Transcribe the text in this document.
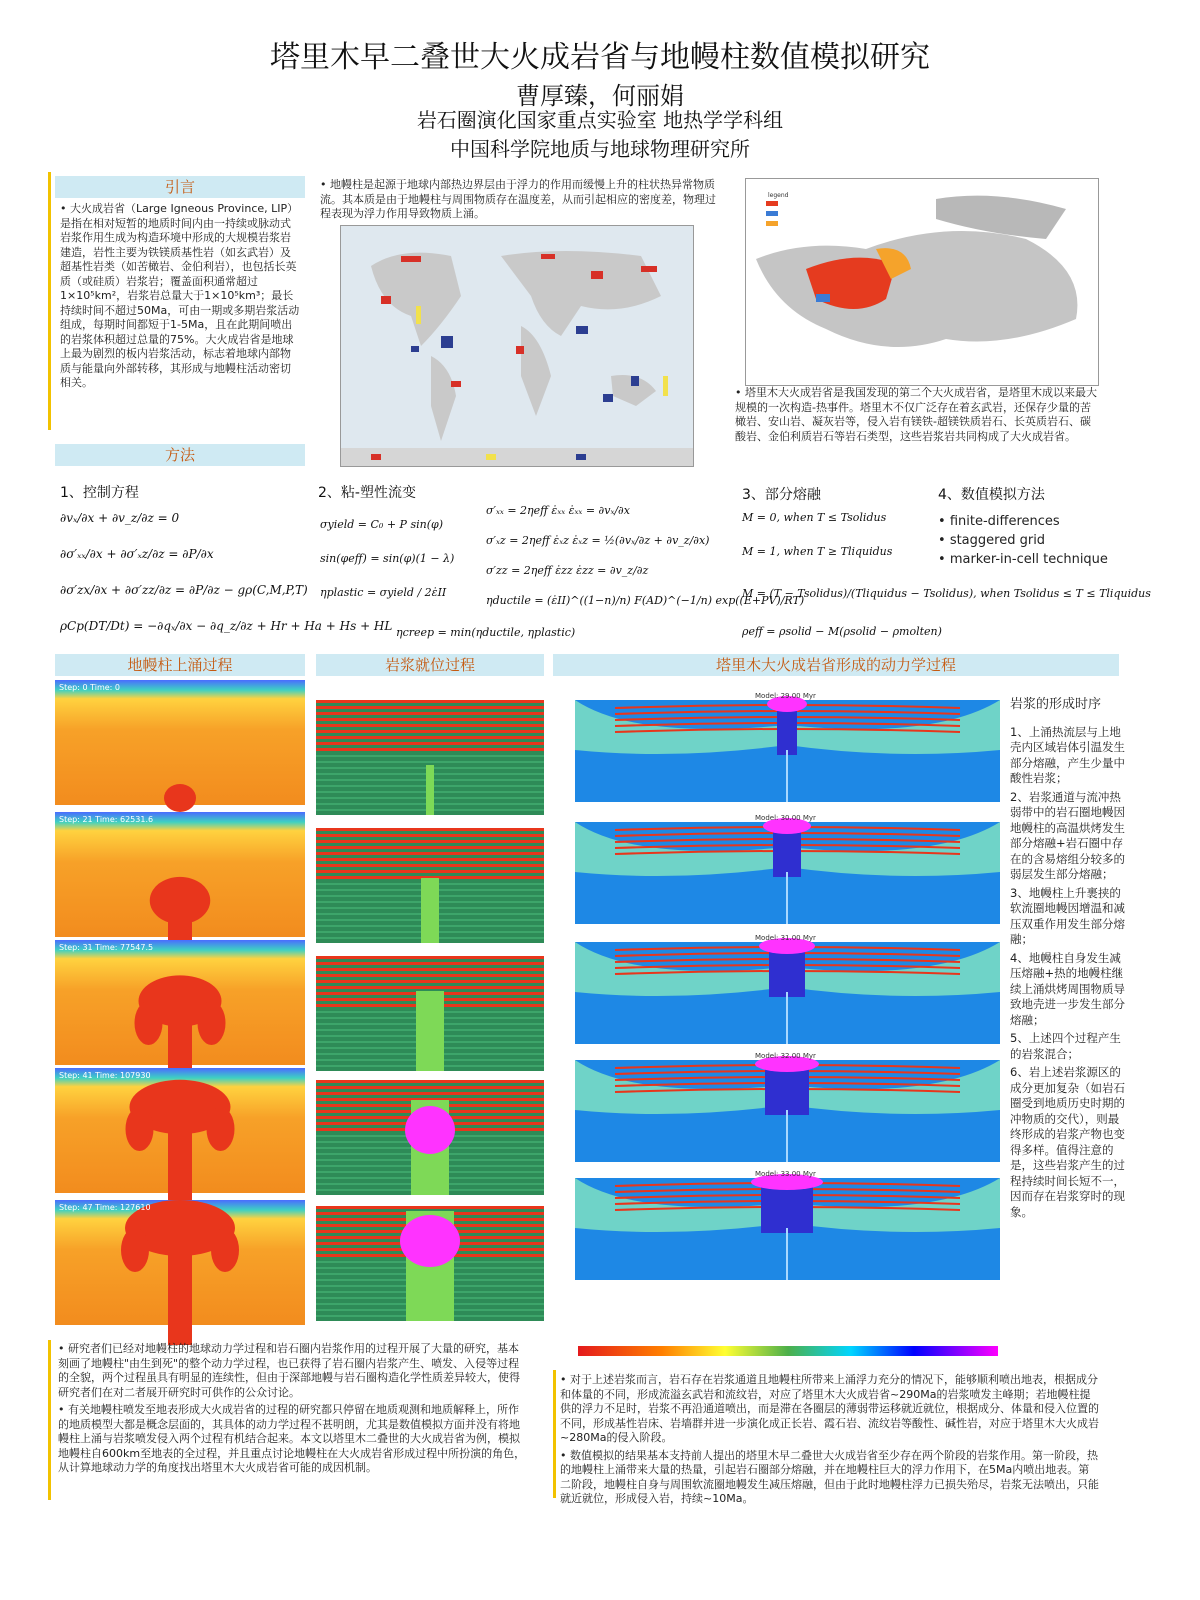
塔里木早二叠世大火成岩省与地幔柱数值模拟研究
曹厚臻，何丽娟
岩石圈演化国家重点实验室 地热学学科组
中国科学院地质与地球物理研究所
引言

• 大火成岩省（Large Igneous Province, LIP）是指在相对短暂的地质时间内由一持续或脉动式岩浆作用生成为构造环境中形成的大规模岩浆岩建造，岩性主要为铁镁质基性岩（如玄武岩）及超基性岩类（如苦橄岩、金伯利岩），也包括长英质（或硅质）岩浆岩；覆盖面积通常超过1×10⁵km²，岩浆岩总量大于1×10⁵km³；最长持续时间不超过50Ma，可由一期或多期岩浆活动组成，每期时间都短于1-5Ma，且在此期间喷出的岩浆体积超过总量的75%。大火成岩省是地球上最为剧烈的板内岩浆活动，标志着地球内部物质与能量向外部转移，其形成与地幔柱活动密切相关。

• 地幔柱是起源于地球内部热边界层由于浮力的作用而缓慢上升的柱状热异常物质流。其本质是由于地幔柱与周围物质存在温度差，从而引起相应的密度差，物理过程表现为浮力作用导致物质上涌。

legend

• 塔里木大火成岩省是我国发现的第二个大火成岩省，是塔里木成以来最大规模的一次构造-热事件。塔里木不仅广泛存在着玄武岩，还保存少量的苦橄岩、安山岩、凝灰岩等，侵入岩有镁铁-超镁铁质岩石、长英质岩石、碳酸岩、金伯利质岩石等岩石类型，这些岩浆岩共同构成了大火成岩省。

方法
1、控制方程	2、粘-塑性流变	3、部分熔融	4、数值模拟方法
• finite-differences
• staggered grid
• marker-in-cell technique
∂vₓ/∂x + ∂v_z/∂z = 0
∂σ′ₓₓ/∂x + ∂σ′ₓz/∂z = ∂P/∂x
∂σ′zx/∂x + ∂σ′zz/∂z = ∂P/∂z − gρ(C,M,P,T)
ρCp(DT/Dt) = −∂qₓ/∂x − ∂q_z/∂z + Hr + Ha + Hs + HL
σyield = C₀ + P sin(φ)
sin(φeff) = sin(φ)(1 − λ)
ηplastic = σyield / 2ε̇II
σ′ₓₓ = 2ηeff ε̇ₓₓ ε̇ₓₓ = ∂vₓ/∂x
σ′ₓz = 2ηeff ε̇ₓz ε̇ₓz = ½(∂vₓ/∂z + ∂v_z/∂x)
σ′zz = 2ηeff ε̇zz ε̇zz = ∂v_z/∂z
ηductile = (ε̇II)^((1−n)/n) F(AD)^(−1/n) exp((E+PV)/RT)
ηcreep = min(ηductile, ηplastic)
M = 0, when T ≤ Tsolidus
M = 1, when T ≥ Tliquidus
M = (T − Tsolidus)/(Tliquidus − Tsolidus), when Tsolidus ≤ T ≤ Tliquidus
ρeff = ρsolid − M(ρsolid − ρmolten)
地幔柱上涌过程	岩浆就位过程	塔里木大火成岩省形成的动力学过程
Step: 0 Time: 0
Step: 21 Time: 62531.6
Step: 31 Time: 77547.5
Step: 41 Time: 107930
Step: 47 Time: 127610
Model: 29.00 Myr
Model: 30.00 Myr
Model: 31.00 Myr
Model: 32.00 Myr
Model: 33.00 Myr
岩浆的形成时序

1、上涌热流层与上地壳内区域岩体引温发生部分熔融，产生少量中酸性岩浆；

2、岩浆通道与流冲热弱带中的岩石圈地幔因地幔柱的高温烘烤发生部分熔融+岩石圈中存在的含易熔组分较多的弱层发生部分熔融；

3、地幔柱上升裹挟的软流圈地幔因增温和减压双重作用发生部分熔融；

4、地幔柱自身发生减压熔融+热的地幔柱继续上涌烘烤周围物质导致地壳进一步发生部分熔融；

5、上述四个过程产生的岩浆混合；

6、岩上述岩浆源区的成分更加复杂（如岩石圈受到地质历史时期的冲物质的交代），则最终形成的岩浆产物也变得多样。值得注意的是，这些岩浆产生的过程持续时间长短不一，因而存在岩浆穿时的现象。

• 研究者们已经对地幔柱的地球动力学过程和岩石圈内岩浆作用的过程开展了大量的研究，基本刻画了地幔柱"由生到死"的整个动力学过程，也已获得了岩石圈内岩浆产生、喷发、入侵等过程的全貌，两个过程虽具有明显的连续性，但由于深部地幔与岩石圈构造化学性质差异较大，使得研究者们在对二者展开研究时可供作的公众讨论。

• 有关地幔柱喷发至地表形成大火成岩省的过程的研究都只停留在地质观测和地质解释上，所作的地质模型大都是概念层面的，其具体的动力学过程不甚明朗，尤其是数值模拟方面并没有将地幔柱上涌与岩浆喷发侵入两个过程有机结合起来。本文以塔里木二叠世的大火成岩省为例，模拟地幔柱自600km至地表的全过程，并且重点讨论地幔柱在大火成岩省形成过程中所扮演的角色，从计算地球动力学的角度找出塔里木大火成岩省可能的成因机制。

• 对于上述岩浆而言，岩石存在岩浆通道且地幔柱所带来上涌浮力充分的情况下，能够顺利喷出地表，根据成分和体量的不同，形成流溢玄武岩和流纹岩，对应了塔里木大火成岩省~290Ma的岩浆喷发主峰期；若地幔柱提供的浮力不足时，岩浆不再沿通道喷出，而是滞在各圈层的薄弱带运移就近就位，根据成分、体量和侵入位置的不同，形成基性岩床、岩墙群并进一步演化成正长岩、霞石岩、流纹岩等酸性、碱性岩，对应于塔里木大火成岩~280Ma的侵入阶段。

• 数值模拟的结果基本支持前人提出的塔里木早二叠世大火成岩省至少存在两个阶段的岩浆作用。第一阶段，热的地幔柱上涌带来大量的热量，引起岩石圈部分熔融，并在地幔柱巨大的浮力作用下，在5Ma内喷出地表。第二阶段，地幔柱自身与周围软流圈地幔发生减压熔融，但由于此时地幔柱浮力已损失殆尽，岩浆无法喷出，只能就近就位，形成侵入岩，持续~10Ma。
